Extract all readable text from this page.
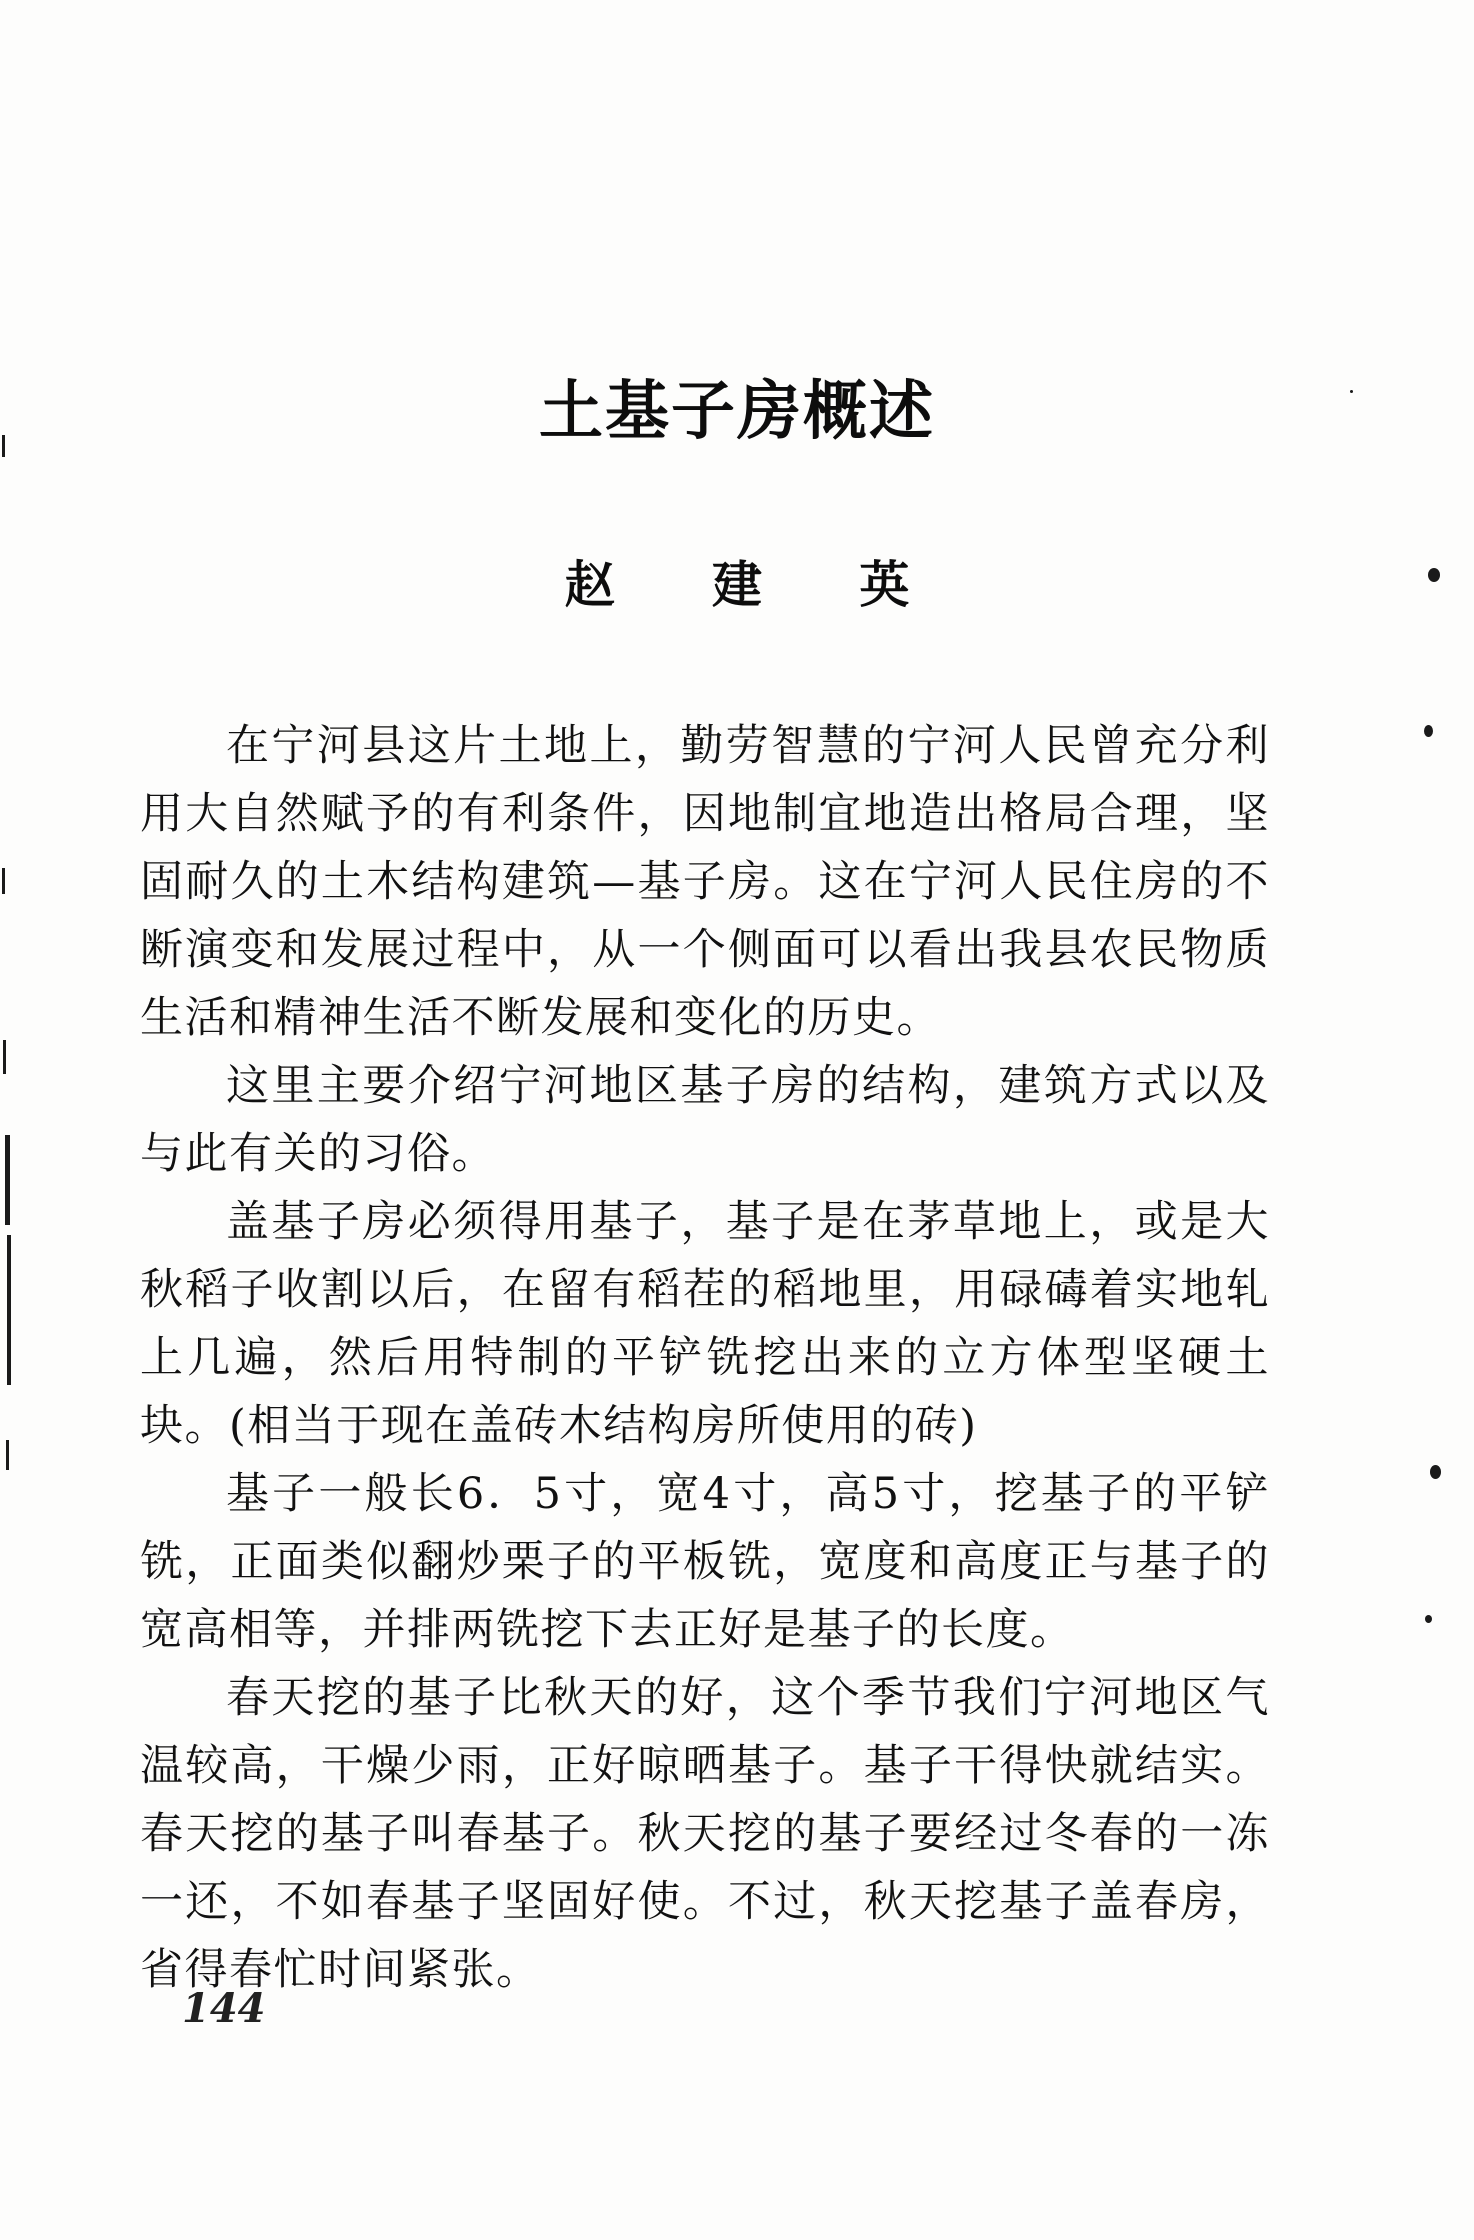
土基子房概述
赵 建 英

在宁河县这片土地上，勤劳智慧的宁河人民曾充分利用大自然赋予的有利条件，因地制宜地造出格局合理，坚固耐久的土木结构建筑—基子房。这在宁河人民住房的不断演变和发展过程中，从一个侧面可以看出我县农民物质生活和精神生活不断发展和变化的历史。

这里主要介绍宁河地区基子房的结构，建筑方式以及与此有关的习俗。

盖基子房必须得用基子，基子是在茅草地上，或是大秋稻子收割以后，在留有稻茬的稻地里，用碌碡着实地轧上几遍，然后用特制的平铲铣挖出来的立方体型坚硬土块。(相当于现在盖砖木结构房所使用的砖)

基子一般长6．5寸，宽4寸，高5寸，挖基子的平铲铣，正面类似翻炒栗子的平板铣，宽度和高度正与基子的宽高相等，并排两铣挖下去正好是基子的长度。

春天挖的基子比秋天的好，这个季节我们宁河地区气温较高，干燥少雨，正好晾晒基子。基子干得快就结实。春天挖的基子叫春基子。秋天挖的基子要经过冬春的一冻一还，不如春基子坚固好使。不过，秋天挖基子盖春房，省得春忙时间紧张。

144
